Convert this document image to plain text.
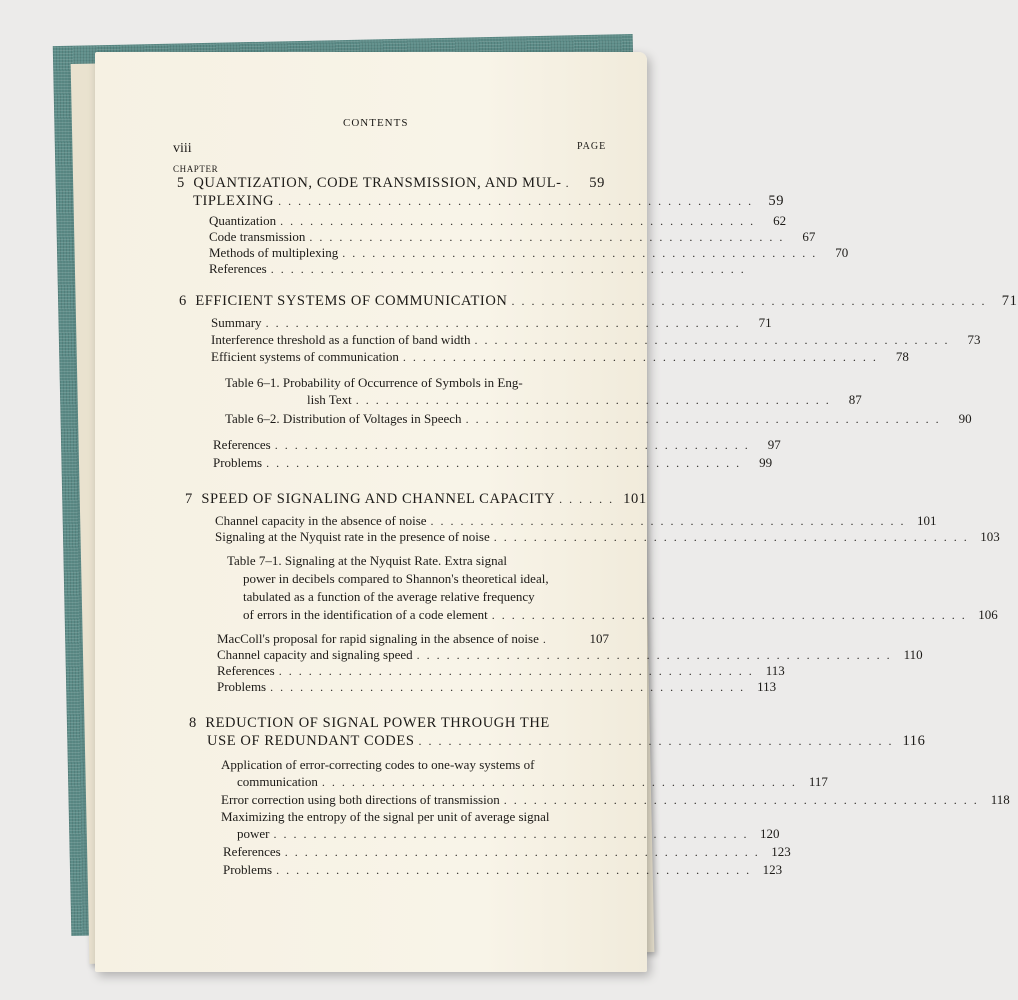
CONTENTS
viii	PAGE
CHAPTER
5 QUANTIZATION, CODE TRANSMISSION, AND MUL- . 59
TIPLEXING ................................................ 59
Quantization ................................................	62
Code transmission ................................................	67
Methods of multiplexing ................................................	70
References ................................................
6 EFFICIENT SYSTEMS OF COMMUNICATION ................................................ 71
Summary ................................................	71
Interference threshold as a function of band width ................................................	73
Efficient systems of communication ................................................	78
Table 6–1. Probability of Occurrence of Symbols in Eng-
lish Text ................................................	87
Table 6–2. Distribution of Voltages in Speech ................................................	90
References ................................................	97
Problems ................................................	99
7 SPEED OF SIGNALING AND CHANNEL CAPACITY ...... 101
Channel capacity in the absence of noise ................................................ 101
Signaling at the Nyquist rate in the presence of noise ................................................ 103
Table 7–1. Signaling at the Nyquist Rate. Extra signal
power in decibels compared to Shannon's theoretical ideal,
tabulated as a function of the average relative frequency
of errors in the identification of a code element ................................................ 106
MacColl's proposal for rapid signaling in the absence of noise .	107
Channel capacity and signaling speed ................................................ 110
References ................................................ 113
Problems ................................................ 113
8 REDUCTION OF SIGNAL POWER THROUGH THE
USE OF REDUNDANT CODES ................................................ 116
Application of error-correcting codes to one-way systems of
communication ................................................ 117
Error correction using both directions of transmission ................................................ 118
Maximizing the entropy of the signal per unit of average signal
power ................................................ 120
References ................................................ 123
Problems ................................................ 123
